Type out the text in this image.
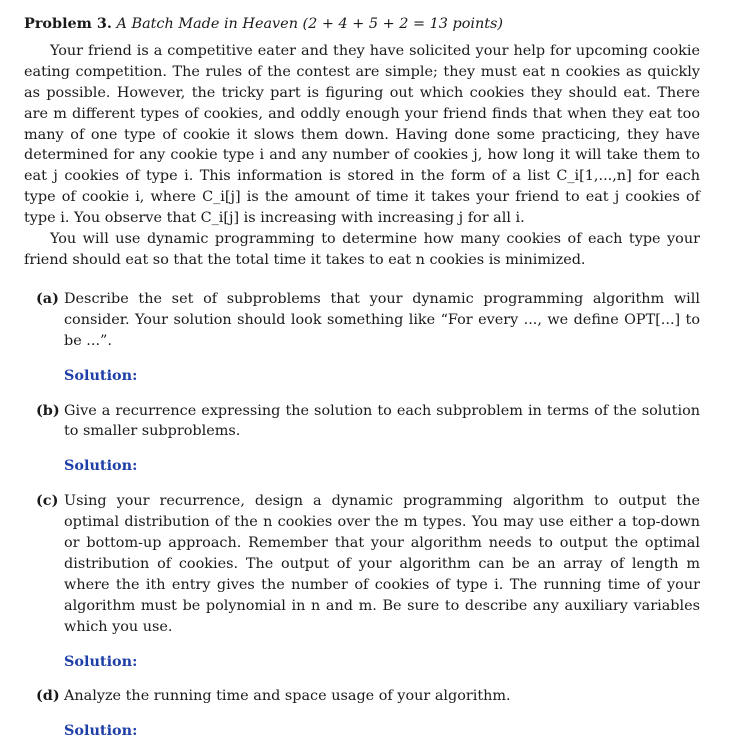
Problem 3. A Batch Made in Heaven (2 + 4 + 5 + 2 = 13 points)

Your friend is a competitive eater and they have solicited your help for upcoming cookie eating competition. The rules of the contest are simple; they must eat n cookies as quickly as possible. However, the tricky part is figuring out which cookies they should eat. There are m different types of cookies, and oddly enough your friend finds that when they eat too many of one type of cookie it slows them down. Having done some practicing, they have determined for any cookie type i and any number of cookies j, how long it will take them to eat j cookies of type i. This information is stored in the form of a list C_i[1,...,n] for each type of cookie i, where C_i[j] is the amount of time it takes your friend to eat j cookies of type i. You observe that C_i[j] is increasing with increasing j for all i.

You will use dynamic programming to determine how many cookies of each type your friend should eat so that the total time it takes to eat n cookies is minimized.

(a) Describe the set of subproblems that your dynamic programming algorithm will consider. Your solution should look something like “For every ..., we define OPT[...] to be ...”.
Solution:
(b) Give a recurrence expressing the solution to each subproblem in terms of the solution to smaller subproblems.
Solution:
(c) Using your recurrence, design a dynamic programming algorithm to output the optimal distribution of the n cookies over the m types. You may use either a top-down or bottom-up approach. Remember that your algorithm needs to output the optimal distribution of cookies. The output of your algorithm can be an array of length m where the ith entry gives the number of cookies of type i. The running time of your algorithm must be polynomial in n and m. Be sure to describe any auxiliary variables which you use.
Solution:
(d) Analyze the running time and space usage of your algorithm.
Solution:
